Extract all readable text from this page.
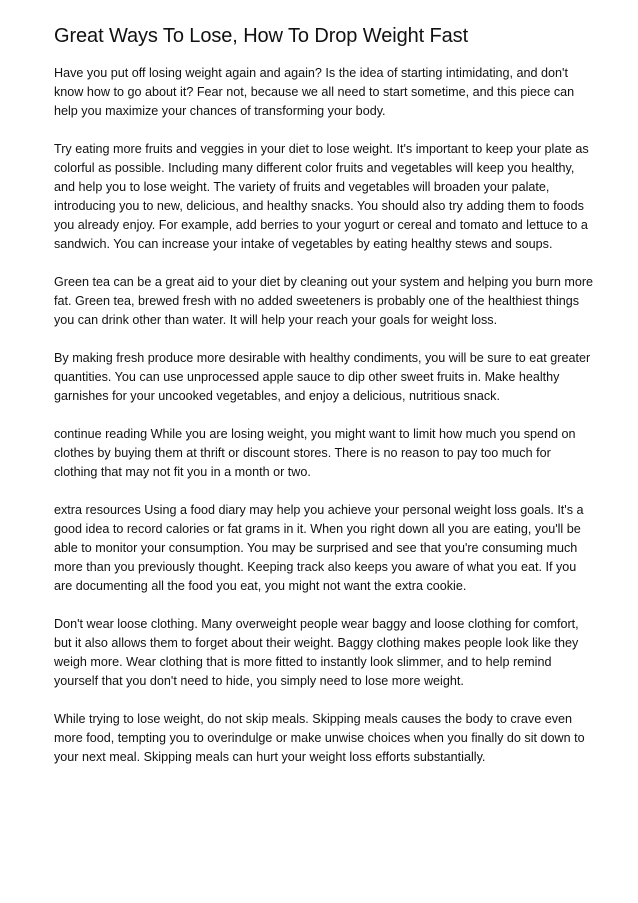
Great Ways To Lose, How To Drop Weight Fast

Have you put off losing weight again and again? Is the idea of starting intimidating, and don't know how to go about it? Fear not, because we all need to start sometime, and this piece can help you maximize your chances of transforming your body.

Try eating more fruits and veggies in your diet to lose weight. It's important to keep your plate as colorful as possible. Including many different color fruits and vegetables will keep you healthy, and help you to lose weight. The variety of fruits and vegetables will broaden your palate, introducing you to new, delicious, and healthy snacks. You should also try adding them to foods you already enjoy. For example, add berries to your yogurt or cereal and tomato and lettuce to a sandwich. You can increase your intake of vegetables by eating healthy stews and soups.

Green tea can be a great aid to your diet by cleaning out your system and helping you burn more fat. Green tea, brewed fresh with no added sweeteners is probably one of the healthiest things you can drink other than water. It will help your reach your goals for weight loss.

By making fresh produce more desirable with healthy condiments, you will be sure to eat greater quantities. You can use unprocessed apple sauce to dip other sweet fruits in. Make healthy garnishes for your uncooked vegetables, and enjoy a delicious, nutritious snack.

continue reading While you are losing weight, you might want to limit how much you spend on clothes by buying them at thrift or discount stores. There is no reason to pay too much for clothing that may not fit you in a month or two.

extra resources Using a food diary may help you achieve your personal weight loss goals. It's a good idea to record calories or fat grams in it. When you right down all you are eating, you'll be able to monitor your consumption. You may be surprised and see that you're consuming much more than you previously thought. Keeping track also keeps you aware of what you eat. If you are documenting all the food you eat, you might not want the extra cookie.

Don't wear loose clothing. Many overweight people wear baggy and loose clothing for comfort, but it also allows them to forget about their weight. Baggy clothing makes people look like they weigh more. Wear clothing that is more fitted to instantly look slimmer, and to help remind yourself that you don't need to hide, you simply need to lose more weight.

While trying to lose weight, do not skip meals. Skipping meals causes the body to crave even more food, tempting you to overindulge or make unwise choices when you finally do sit down to your next meal. Skipping meals can hurt your weight loss efforts substantially.
